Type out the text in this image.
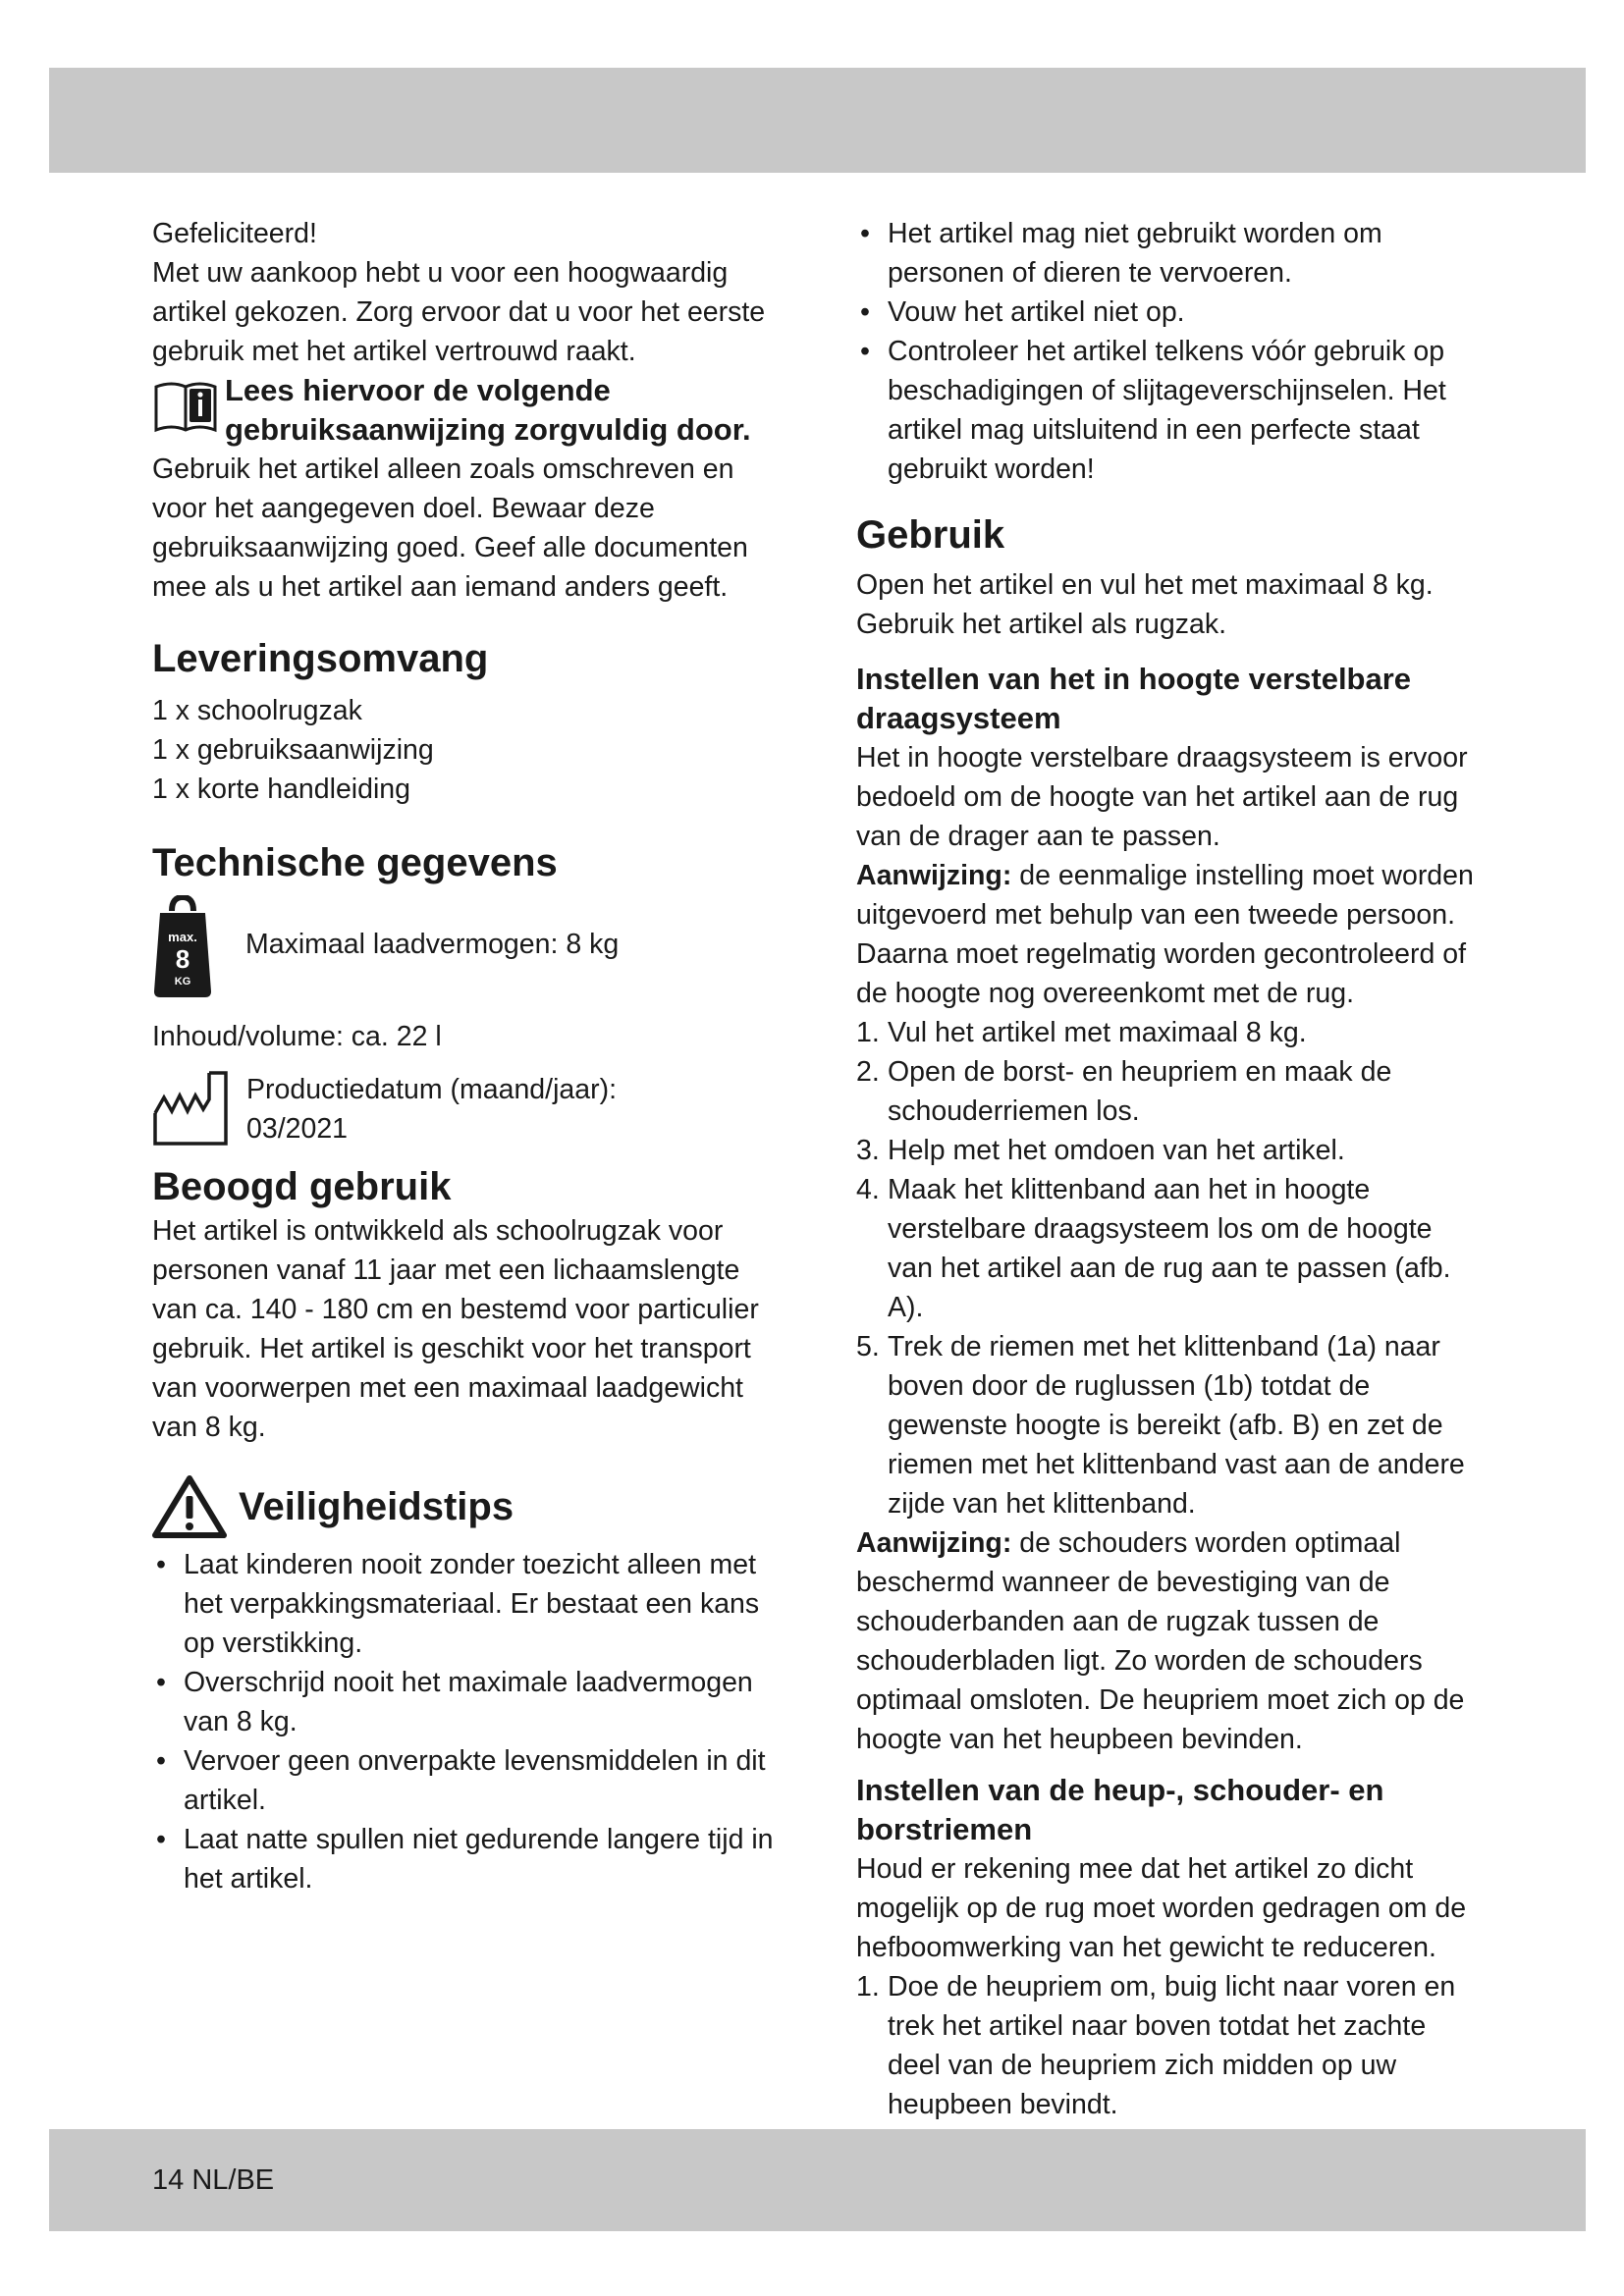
Gefeliciteerd!

Met uw aankoop hebt u voor een hoogwaardig artikel gekozen. Zorg ervoor dat u voor het eerste gebruik met het artikel vertrouwd raakt.

Lees hiervoor de volgende gebruiksaanwijzing zorgvuldig door.

Gebruik het artikel alleen zoals omschreven en voor het aangegeven doel. Bewaar deze gebruiksaanwijzing goed. Geef alle documenten mee als u het artikel aan iemand anders geeft.

Leveringsomvang

1 x schoolrugzak

1 x gebruiksaanwijzing

1 x korte handleiding

Technische gegevens
max.
8
KG

Maximaal laadvermogen: 8 kg

Inhoud/volume: ca. 22 l

Productiedatum (maand/jaar):

03/2021

Beoogd gebruik

Het artikel is ontwikkeld als schoolrugzak voor personen vanaf 11 jaar met een lichaamslengte van ca. 140 - 180 cm en bestemd voor particulier gebruik. Het artikel is geschikt voor het transport van voorwerpen met een maximaal laadgewicht van 8 kg.

Veiligheidstips
• Laat kinderen nooit zonder toezicht alleen met het verpakkingsmateriaal. Er bestaat een kans op verstikking.
• Overschrijd nooit het maximale laadvermogen van 8 kg.
• Vervoer geen onverpakte levensmiddelen in dit artikel.
• Laat natte spullen niet gedurende langere tijd in het artikel.
• Het artikel mag niet gebruikt worden om personen of dieren te vervoeren.
• Vouw het artikel niet op.
• Controleer het artikel telkens vóór gebruik op beschadigingen of slijtageverschijnselen. Het artikel mag uitsluitend in een perfecte staat gebruikt worden!
Gebruik

Open het artikel en vul het met maximaal 8 kg. Gebruik het artikel als rugzak.

Instellen van het in hoogte verstelbare draagsysteem

Het in hoogte verstelbare draagsysteem is ervoor bedoeld om de hoogte van het artikel aan de rug van de drager aan te passen.

Aanwijzing: de eenmalige instelling moet worden uitgevoerd met behulp van een tweede persoon. Daarna moet regelmatig worden gecontroleerd of de hoogte nog overeenkomt met de rug.

1. Vul het artikel met maximaal 8 kg.
2. Open de borst- en heupriem en maak de schouderriemen los.
3. Help met het omdoen van het artikel.
4. Maak het klittenband aan het in hoogte verstelbare draagsysteem los om de hoogte van het artikel aan de rug aan te passen (afb. A).
5. Trek de riemen met het klittenband (1a) naar boven door de ruglussen (1b) totdat de gewenste hoogte is bereikt (afb. B) en zet de riemen met het klittenband vast aan de andere zijde van het klittenband.

Aanwijzing: de schouders worden optimaal beschermd wanneer de bevestiging van de schouderbanden aan de rugzak tussen de schouderbladen ligt. Zo worden de schouders optimaal omsloten. De heupriem moet zich op de hoogte van het heupbeen bevinden.

Instellen van de heup-, schouder- en borstriemen

Houd er rekening mee dat het artikel zo dicht mogelijk op de rug moet worden gedragen om de hefboomwerking van het gewicht te reduceren.

1. Doe de heupriem om, buig licht naar voren en trek het artikel naar boven totdat het zachte deel van de heupriem zich midden op uw heupbeen bevindt.
14 NL/BE
